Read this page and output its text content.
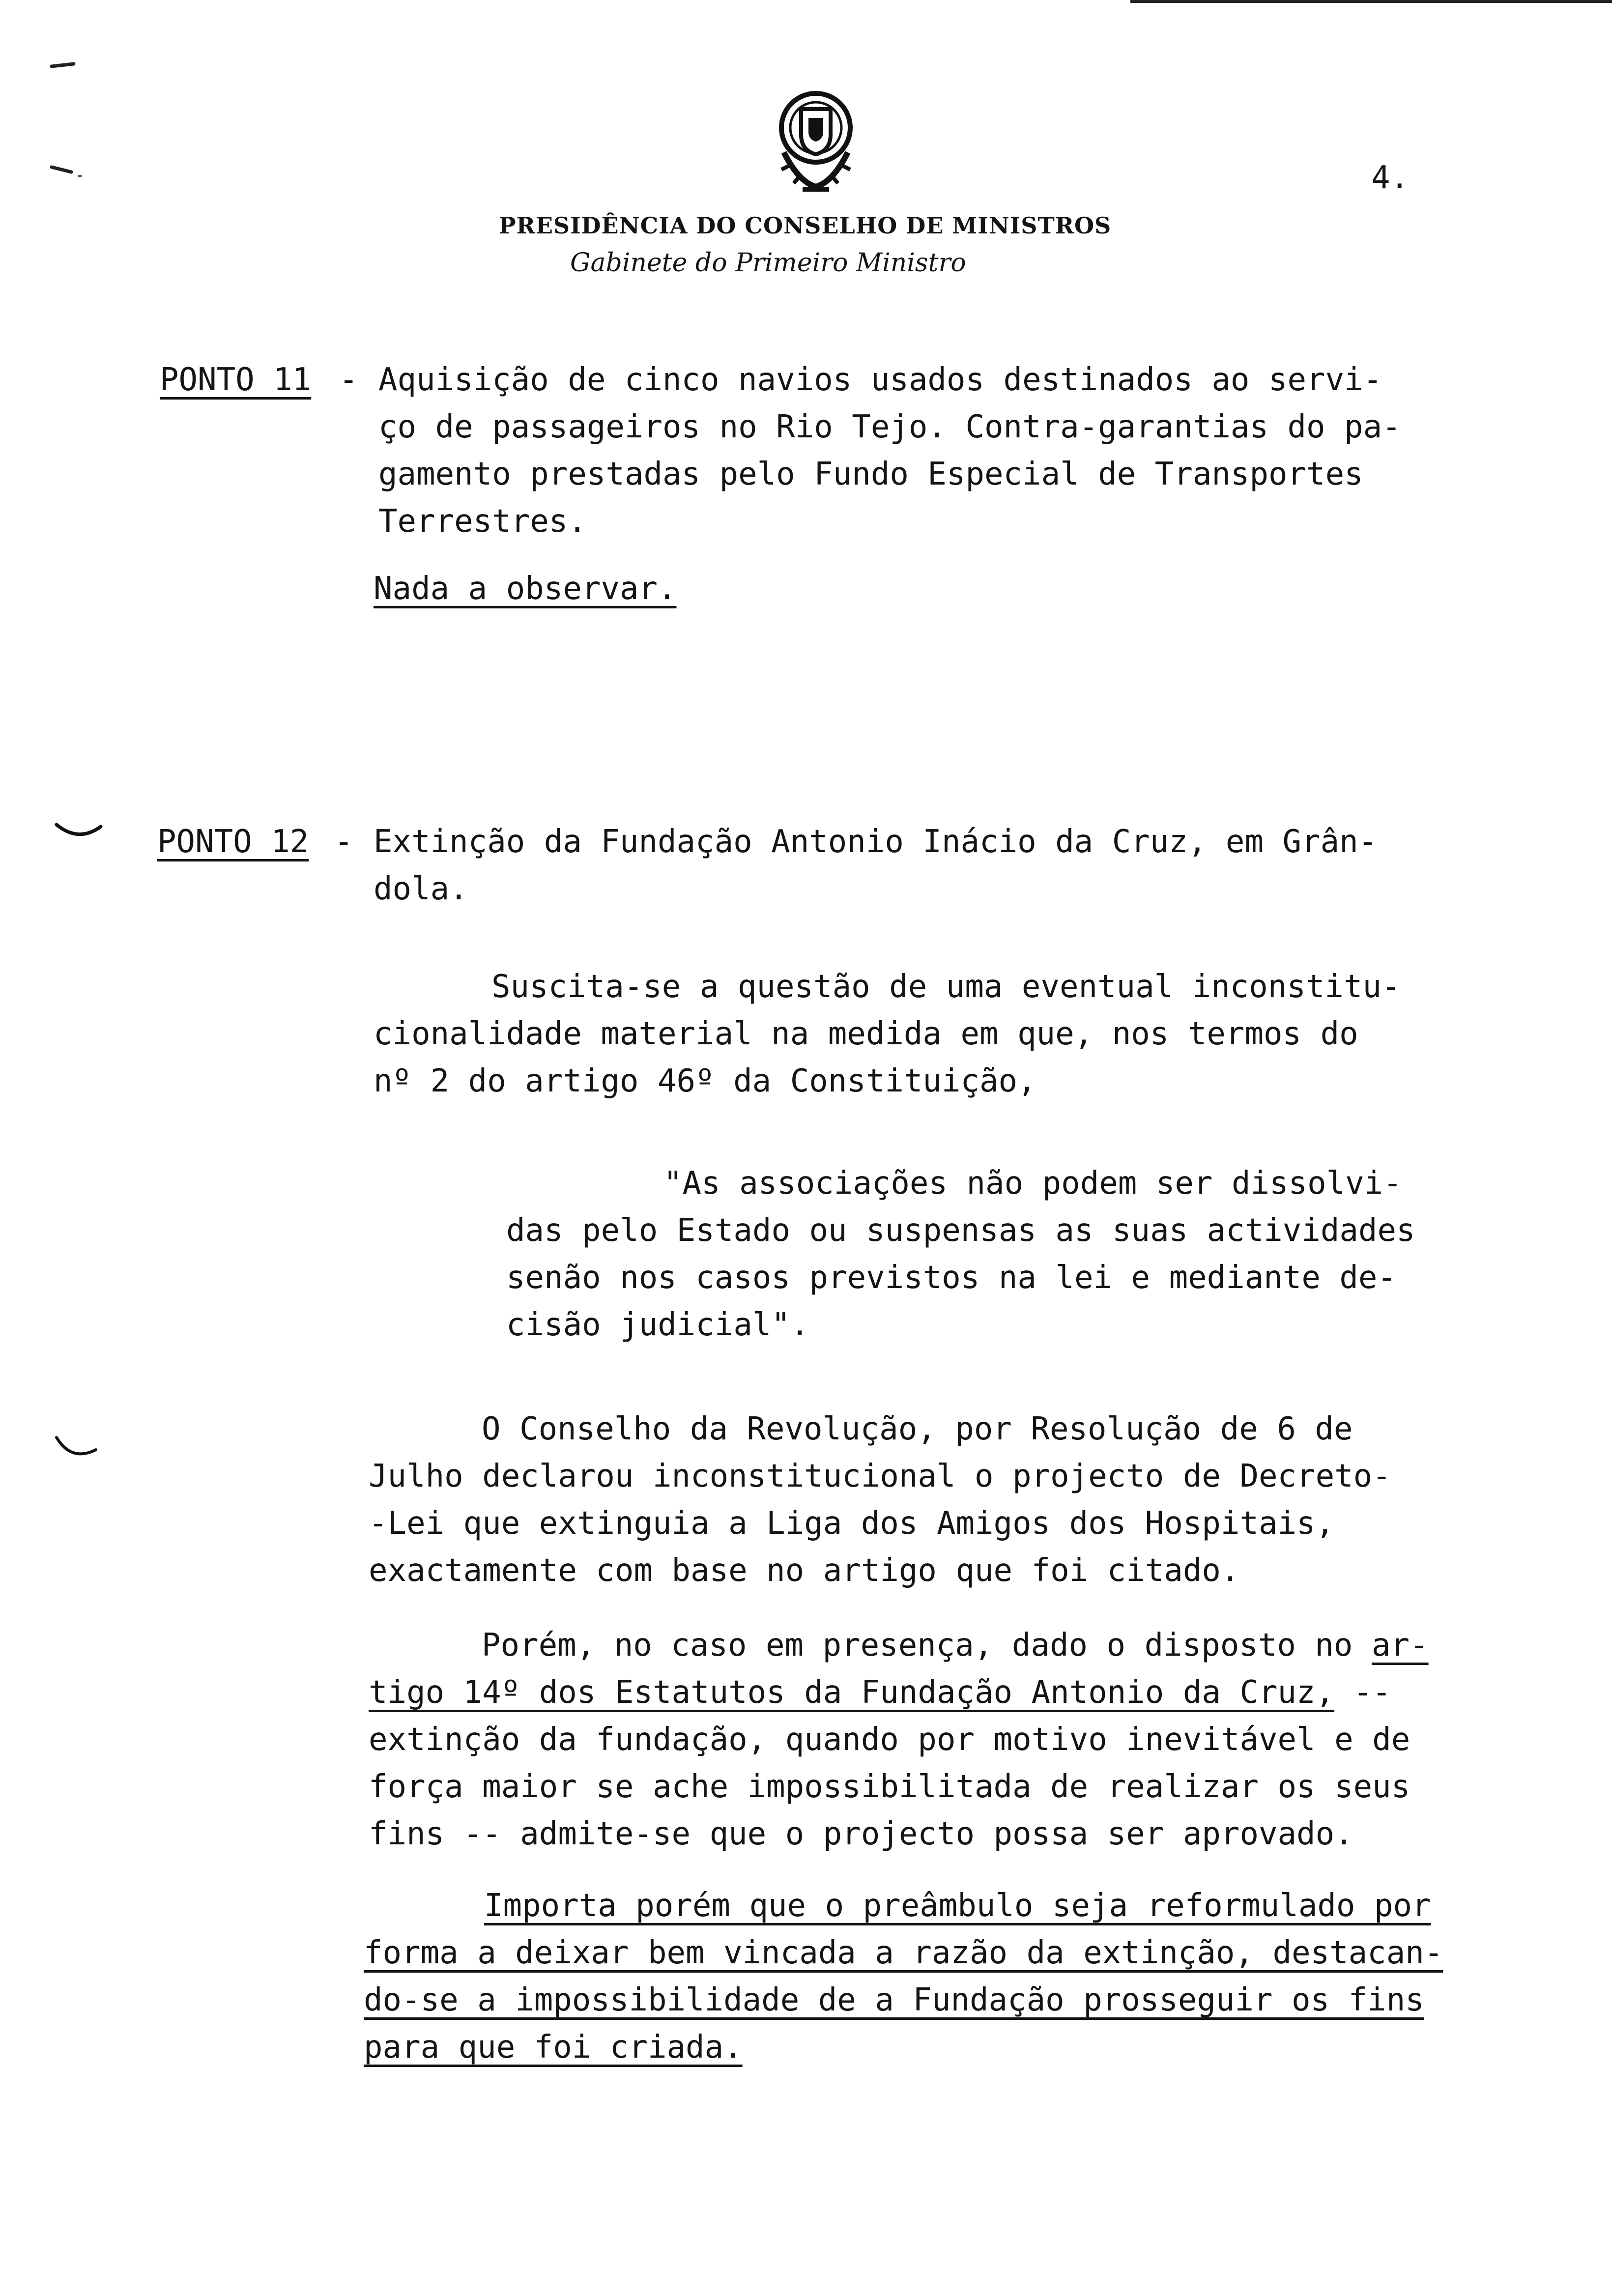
4.
PRESIDÊNCIA DO CONSELHO DE MINISTROS
Gabinete do Primeiro Ministro
PONTO 11 - Aquisição de cinco navios usados destinados ao servi-
ço de passageiros no Rio Tejo. Contra-garantias do pa-
gamento prestadas pelo Fundo Especial de Transportes
Terrestres.
Nada a observar.
PONTO 12 - Extinção da Fundação Antonio Inácio da Cruz, em Grân-
dola.
Suscita-se a questão de uma eventual inconstitu-
cionalidade material na medida em que, nos termos do
nº 2 do artigo 46º da Constituição,
"As associações não podem ser dissolvi-
das pelo Estado ou suspensas as suas actividades
senão nos casos previstos na lei e mediante de-
cisão judicial".
O Conselho da Revolução, por Resolução de 6 de
Julho declarou inconstitucional o projecto de Decreto-
-Lei que extinguia a Liga dos Amigos dos Hospitais,
exactamente com base no artigo que foi citado.
Porém, no caso em presença, dado o disposto no ar-
tigo 14º dos Estatutos da Fundação Antonio da Cruz, --
extinção da fundação, quando por motivo inevitável e de
força maior se ache impossibilitada de realizar os seus
fins -- admite-se que o projecto possa ser aprovado.
Importa porém que o preâmbulo seja reformulado por
forma a deixar bem vincada a razão da extinção, destacan-
do-se a impossibilidade de a Fundação prosseguir os fins
para que foi criada.
